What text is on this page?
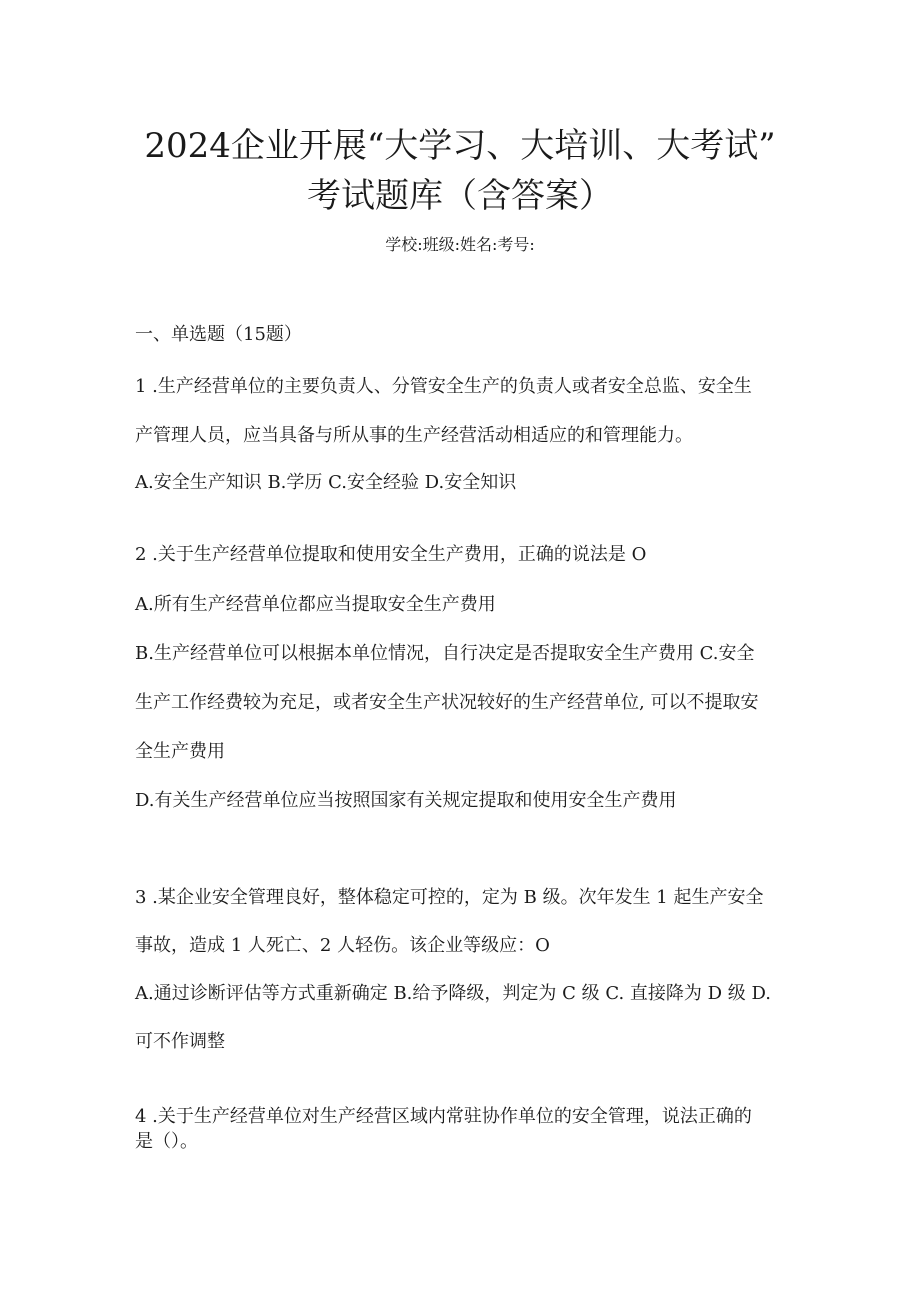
2024企业开展“大学习、大培训、大考试”
考试题库（含答案）
学校:班级:姓名:考号:
一、单选题（15题）
1 .生产经营单位的主要负责人、分管安全生产的负责人或者安全总监、安全生
产管理人员，应当具备与所从事的生产经营活动相适应的和管理能力。
A.安全生产知识 B.学历 C.安全经验 D.安全知识
2 .关于生产经营单位提取和使用安全生产费用，正确的说法是 O
A.所有生产经营单位都应当提取安全生产费用
B.生产经营单位可以根据本单位情况，自行决定是否提取安全生产费用 C.安全
生产工作经费较为充足，或者安全生产状况较好的生产经营单位, 可以不提取安
全生产费用
D.有关生产经营单位应当按照国家有关规定提取和使用安全生产费用
3 .某企业安全管理良好，整体稳定可控的，定为 B 级。次年发生 1 起生产安全
事故，造成 1 人死亡、2 人轻伤。该企业等级应：O
A.通过诊断评估等方式重新确定 B.给予降级，判定为 C 级 C. 直接降为 D 级 D.
可不作调整
4 .关于生产经营单位对生产经营区域内常驻协作单位的安全管理，说法正确的
是（）。
